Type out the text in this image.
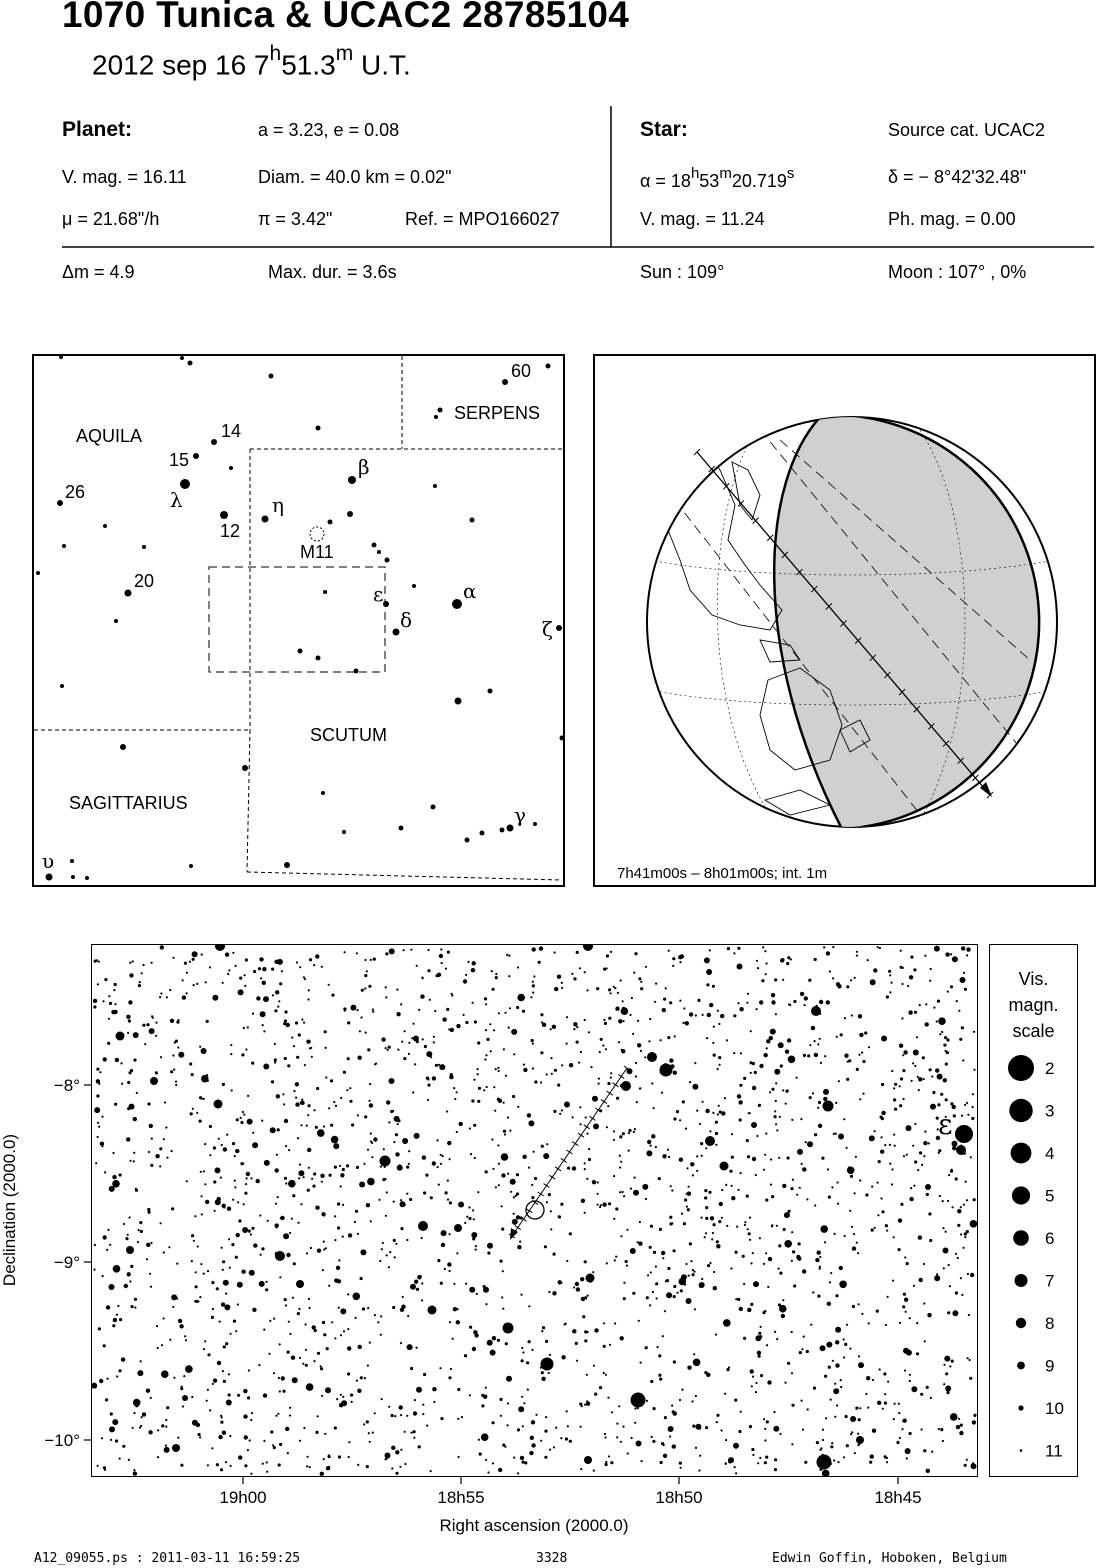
1070 Tunica & UCAC2 28785104
2012 sep 16 7$^h$51.3$^m$ U.T.
Planet:	a = 3.23, e = 0.08
V. mag. = 16.11	Diam. = 40.0 km = 0.02"
μ = 21.68"/h	π = 3.42"	Ref. = MPO166027
Star:	Source cat. UCAC2
$\alpha = 18^h53^m20.719^s$	δ = − 8°42'32.48"
V. mag. = 11.24	Ph. mag. = 0.00
Δm = 4.9	Max. dur. = 3.6s	Sun : 109°	Moon : 107° , 0%
AQUILA
SERPENS
SCUTUM
SAGITTARIUS
M11
60
14
15
26
12
20
β
η
λ
ε
δ
α
ζ
γ
υ
7h41m00s – 8h01m00s; int. 1m
ε
−8°
−9°
−10°
19h00	18h55	18h50	18h45
Right ascension (2000.0)
Declination (2000.0)
Vis.
magn.
scale
2
3
4
5
6
7
8
9
10
11
A12_09055.ps : 2011-03-11 16:59:25	3328	Edwin Goffin, Hoboken, Belgium
